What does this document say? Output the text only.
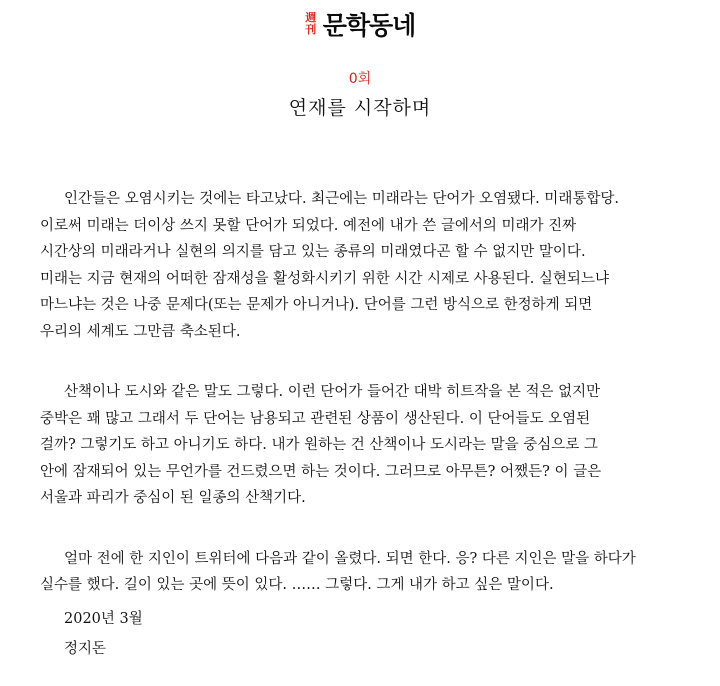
週
刊 문학동네
0회
연재를 시작하며
인간들은 오염시키는 것에는 타고났다. 최근에는 미래라는 단어가 오염됐다. 미래통합당.
이로써 미래는 더이상 쓰지 못할 단어가 되었다. 예전에 내가 쓴 글에서의 미래가 진짜
시간상의 미래라거나 실현의 의지를 담고 있는 종류의 미래였다곤 할 수 없지만 말이다.
미래는 지금 현재의 어떠한 잠재성을 활성화시키기 위한 시간 시제로 사용된다. 실현되느냐
마느냐는 것은 나중 문제다(또는 문제가 아니거나). 단어를 그런 방식으로 한정하게 되면
우리의 세계도 그만큼 축소된다.
산책이나 도시와 같은 말도 그렇다. 이런 단어가 들어간 대박 히트작을 본 적은 없지만
중박은 꽤 많고 그래서 두 단어는 남용되고 관련된 상품이 생산된다. 이 단어들도 오염된
걸까? 그렇기도 하고 아니기도 하다. 내가 원하는 건 산책이나 도시라는 말을 중심으로 그
안에 잠재되어 있는 무언가를 건드렸으면 하는 것이다. 그러므로 아무튼? 어쨌든? 이 글은
서울과 파리가 중심이 된 일종의 산책기다.
얼마 전에 한 지인이 트위터에 다음과 같이 올렸다. 되면 한다. 응? 다른 지인은 말을 하다가
실수를 했다. 길이 있는 곳에 뜻이 있다. …… 그렇다. 그게 내가 하고 싶은 말이다.
2020년 3월
정지돈
